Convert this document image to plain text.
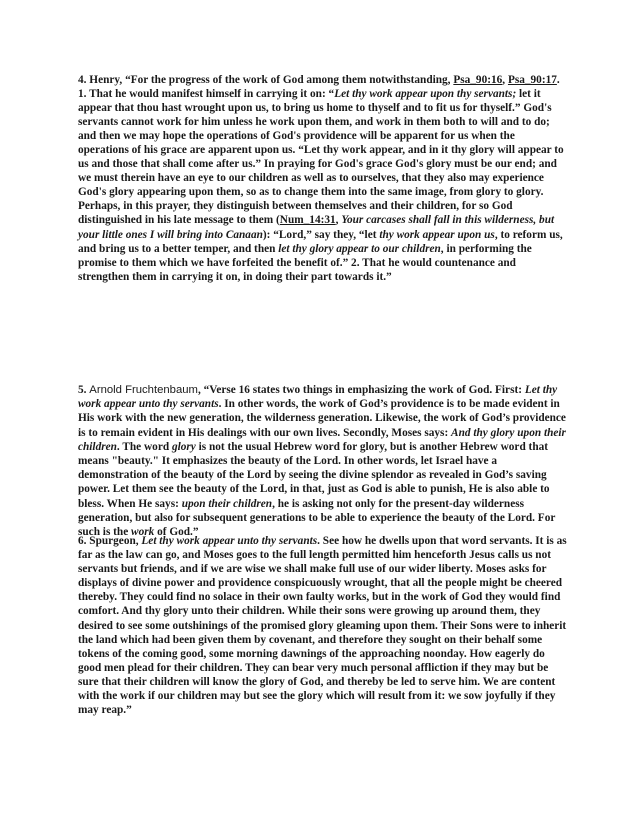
4. Henry, “For the progress of the work of God among them notwithstanding, Psa_90:16, Psa_90:17. 1. That he would manifest himself in carrying it on: “Let thy work appear upon thy servants; let it appear that thou hast wrought upon us, to bring us home to thyself and to fit us for thyself.” God's servants cannot work for him unless he work upon them, and work in them both to will and to do; and then we may hope the operations of God's providence will be apparent for us when the operations of his grace are apparent upon us. “Let thy work appear, and in it thy glory will appear to us and those that shall come after us.” In praying for God's grace God's glory must be our end; and we must therein have an eye to our children as well as to ourselves, that they also may experience God's glory appearing upon them, so as to change them into the same image, from glory to glory. Perhaps, in this prayer, they distinguish between themselves and their children, for so God distinguished in his late message to them (Num_14:31, Your carcases shall fall in this wilderness, but your little ones I will bring into Canaan): “Lord,” say they, “let thy work appear upon us, to reform us, and bring us to a better temper, and then let thy glory appear to our children, in performing the promise to them which we have forfeited the benefit of.” 2. That he would countenance and strengthen them in carrying it on, in doing their part towards it.”

5. Arnold Fruchtenbaum, “Verse 16 states two things in emphasizing the work of God. First: Let thy work appear unto thy servants. In other words, the work of God’s providence is to be made evident in His work with the new generation, the wilderness generation. Likewise, the work of God’s providence is to remain evident in His dealings with our own lives. Secondly, Moses says: And thy glory upon their children. The word glory is not the usual Hebrew word for glory, but is another Hebrew word that means "beauty." It emphasizes the beauty of the Lord. In other words, let Israel have a demonstration of the beauty of the Lord by seeing the divine splendor as revealed in God’s saving power. Let them see the beauty of the Lord, in that, just as God is able to punish, He is also able to bless. When He says: upon their children, he is asking not only for the present-day wilderness generation, but also for subsequent generations to be able to experience the beauty of the Lord. For such is the work of God.”

6. Spurgeon, Let thy work appear unto thy servants. See how he dwells upon that word servants. It is as far as the law can go, and Moses goes to the full length permitted him henceforth Jesus calls us not servants but friends, and if we are wise we shall make full use of our wider liberty. Moses asks for displays of divine power and providence conspicuously wrought, that all the people might be cheered thereby. They could find no solace in their own faulty works, but in the work of God they would find comfort. And thy glory unto their children. While their sons were growing up around them, they desired to see some outshinings of the promised glory gleaming upon them. Their Sons were to inherit the land which had been given them by covenant, and therefore they sought on their behalf some tokens of the coming good, some morning dawnings of the approaching noonday. How eagerly do good men plead for their children. They can bear very much personal affliction if they may but be sure that their children will know the glory of God, and thereby be led to serve him. We are content with the work if our children may but see the glory which will result from it: we sow joyfully if they may reap.”
